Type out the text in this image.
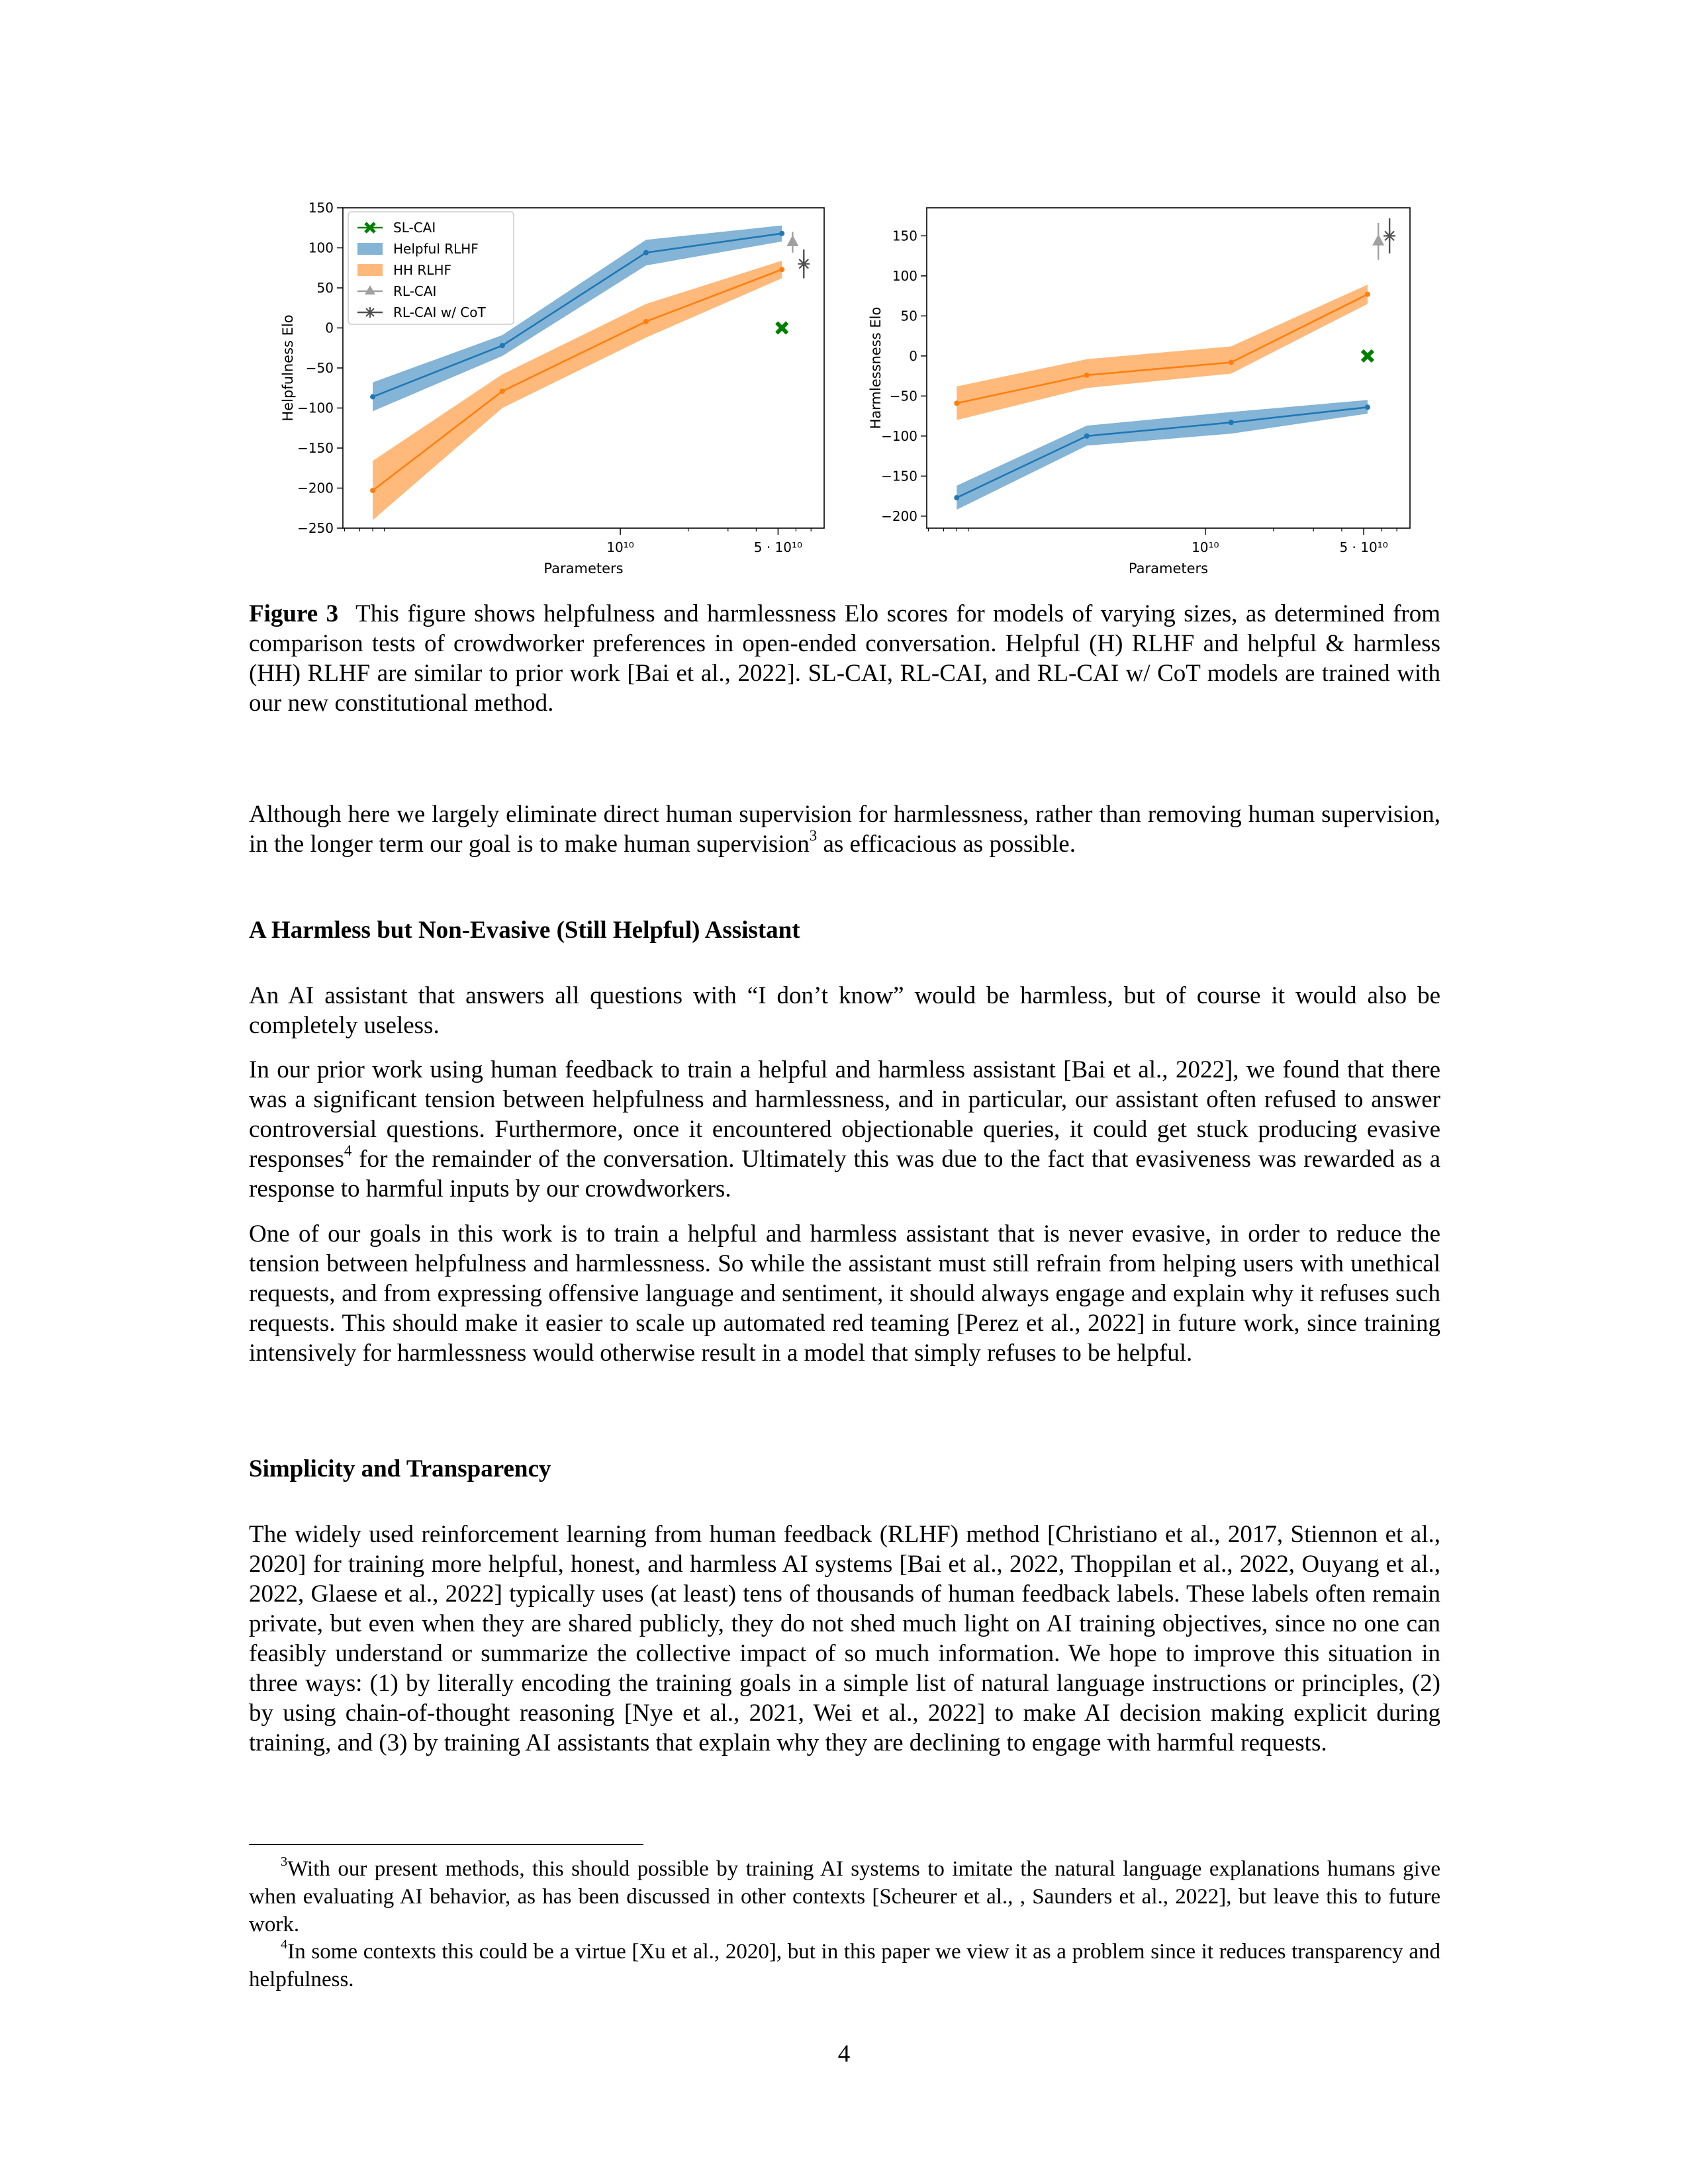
150
100
50
0
−50
−100
−150
−200
−250
10¹⁰	5 · 10¹⁰
Parameters
Helpfulness Elo
SL-CAI
Helpful RLHF
HH RLHF
RL-CAI
RL-CAI w/ CoT
150
100
50
0
−50
−100
−150
−200
10¹⁰	5 · 10¹⁰
Parameters
Harmlessness Elo
Figure 3 This figure shows helpfulness and harmlessness Elo scores for models of varying sizes, as determined from comparison tests of crowdworker preferences in open-ended conversation. Helpful (H) RLHF and helpful & harmless (HH) RLHF are similar to prior work [Bai et al., 2022]. SL-CAI, RL-CAI, and RL-CAI w/ CoT models are trained with our new constitutional method.

Although here we largely eliminate direct human supervision for harmlessness, rather than removing human supervision, in the longer term our goal is to make human supervision$^3$ as efficacious as possible.

A Harmless but Non-Evasive (Still Helpful) Assistant

An AI assistant that answers all questions with “I don’t know” would be harmless, but of course it would also be completely useless.

In our prior work using human feedback to train a helpful and harmless assistant [Bai et al., 2022], we found that there was a significant tension between helpfulness and harmlessness, and in particular, our assistant often refused to answer controversial questions. Furthermore, once it encountered objectionable queries, it could get stuck producing evasive responses$^4$ for the remainder of the conversation. Ultimately this was due to the fact that evasiveness was rewarded as a response to harmful inputs by our crowdworkers.

One of our goals in this work is to train a helpful and harmless assistant that is never evasive, in order to reduce the tension between helpfulness and harmlessness. So while the assistant must still refrain from helping users with unethical requests, and from expressing offensive language and sentiment, it should always engage and explain why it refuses such requests. This should make it easier to scale up automated red teaming [Perez et al., 2022] in future work, since training intensively for harmlessness would otherwise result in a model that simply refuses to be helpful.

Simplicity and Transparency

The widely used reinforcement learning from human feedback (RLHF) method [Christiano et al., 2017, Stiennon et al., 2020] for training more helpful, honest, and harmless AI systems [Bai et al., 2022, Thoppilan et al., 2022, Ouyang et al., 2022, Glaese et al., 2022] typically uses (at least) tens of thousands of human feedback labels. These labels often remain private, but even when they are shared publicly, they do not shed much light on AI training objectives, since no one can feasibly understand or summarize the collective impact of so much information. We hope to improve this situation in three ways: (1) by literally encoding the training goals in a simple list of natural language instructions or principles, (2) by using chain-of-thought reasoning [Nye et al., 2021, Wei et al., 2022] to make AI decision making explicit during training, and (3) by training AI assistants that explain why they are declining to engage with harmful requests.

$^3$With our present methods, this should possible by training AI systems to imitate the natural language explanations humans give when evaluating AI behavior, as has been discussed in other contexts [Scheurer et al., , Saunders et al., 2022], but leave this to future work.

$^4$In some contexts this could be a virtue [Xu et al., 2020], but in this paper we view it as a problem since it reduces transparency and helpfulness.

4
